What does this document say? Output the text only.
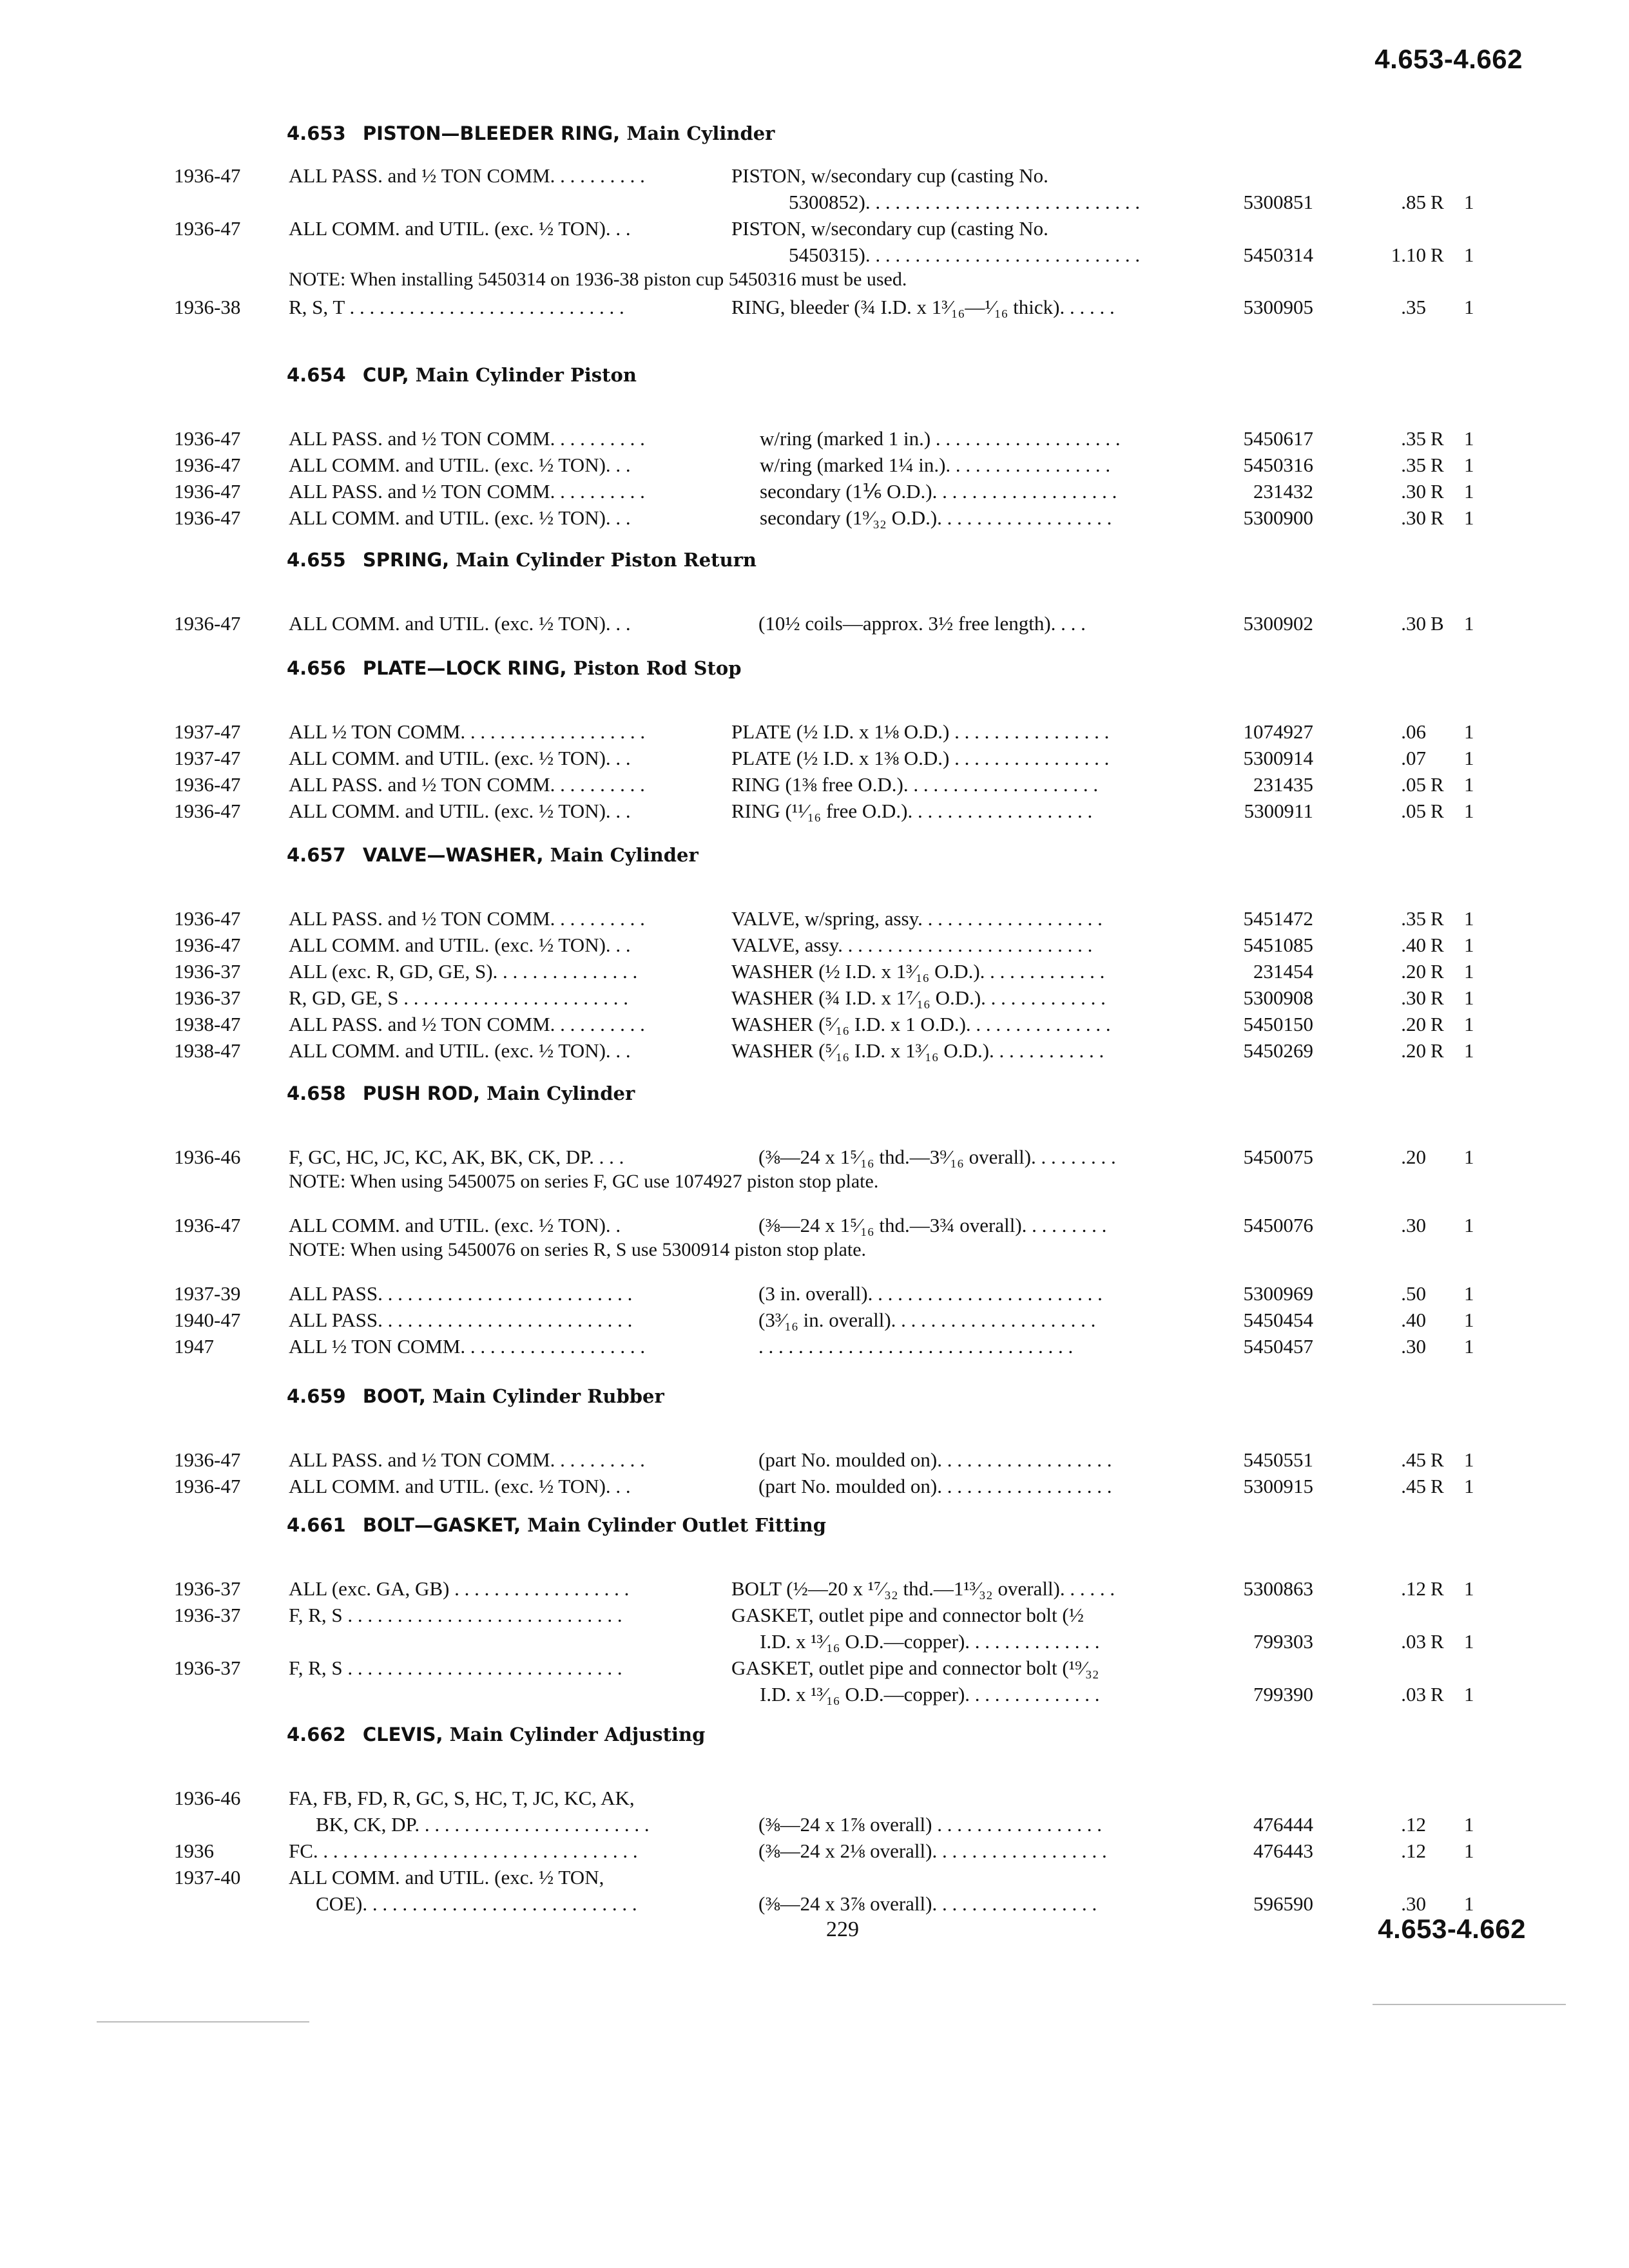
4.653-4.662
4.653 PISTON—BLEEDER RING, Main Cylinder
1936-47 ALL PASS. and ½ TON COMM. . . . . . . . . .	PISTON, w/secondary cup (casting No.
5300852). . . . . . . . . . . . . . . . . . . . . . . . . . . .	5300851	.85 R 1
1936-47 ALL COMM. and UTIL. (exc. ½ TON). . .	PISTON, w/secondary cup (casting No.
5450315). . . . . . . . . . . . . . . . . . . . . . . . . . . .	5450314	1.10 R 1
NOTE: When installing 5450314 on 1936-38 piston cup 5450316 must be used.
1936-38 R, S, T . . . . . . . . . . . . . . . . . . . . . . . . . . . .	RING, bleeder (¾ I.D. x 1³⁄₁₆—¹⁄₁₆ thick). . . . . .	5300905	.35 1
4.654 CUP, Main Cylinder Piston
1936-47 ALL PASS. and ½ TON COMM. . . . . . . . . .	w/ring (marked 1 in.) . . . . . . . . . . . . . . . . . . .	5450617	.35 R 1
1936-47 ALL COMM. and UTIL. (exc. ½ TON). . .	w/ring (marked 1¼ in.). . . . . . . . . . . . . . . . .	5450316	.35 R 1
1936-47 ALL PASS. and ½ TON COMM. . . . . . . . . .	secondary (1⅙ O.D.). . . . . . . . . . . . . . . . . . .	231432	.30 R 1
1936-47 ALL COMM. and UTIL. (exc. ½ TON). . .	secondary (1⁹⁄₃₂ O.D.). . . . . . . . . . . . . . . . . .	5300900	.30 R 1
4.655 SPRING, Main Cylinder Piston Return
1936-47 ALL COMM. and UTIL. (exc. ½ TON). . .	(10½ coils—approx. 3½ free length). . . .	5300902	.30 B 1
4.656 PLATE—LOCK RING, Piston Rod Stop
1937-47 ALL ½ TON COMM. . . . . . . . . . . . . . . . . . .	PLATE (½ I.D. x 1⅛ O.D.) . . . . . . . . . . . . . . . .	1074927	.06 1
1937-47 ALL COMM. and UTIL. (exc. ½ TON). . .	PLATE (½ I.D. x 1⅜ O.D.) . . . . . . . . . . . . . . . .	5300914	.07 1
1936-47 ALL PASS. and ½ TON COMM. . . . . . . . . .	RING (1⅜ free O.D.). . . . . . . . . . . . . . . . . . . .	231435	.05 R 1
1936-47 ALL COMM. and UTIL. (exc. ½ TON). . .	RING (¹¹⁄₁₆ free O.D.). . . . . . . . . . . . . . . . . . .	5300911	.05 R 1
4.657 VALVE—WASHER, Main Cylinder
1936-47 ALL PASS. and ½ TON COMM. . . . . . . . . .	VALVE, w/spring, assy. . . . . . . . . . . . . . . . . . .	5451472	.35 R 1
1936-47 ALL COMM. and UTIL. (exc. ½ TON). . .	VALVE, assy. . . . . . . . . . . . . . . . . . . . . . . . . .	5451085	.40 R 1
1936-37 ALL (exc. R, GD, GE, S). . . . . . . . . . . . . . .	WASHER (½ I.D. x 1³⁄₁₆ O.D.). . . . . . . . . . . . .	231454	.20 R 1
1936-37 R, GD, GE, S . . . . . . . . . . . . . . . . . . . . . . .	WASHER (¾ I.D. x 1⁷⁄₁₆ O.D.). . . . . . . . . . . . .	5300908	.30 R 1
1938-47 ALL PASS. and ½ TON COMM. . . . . . . . . .	WASHER (⁵⁄₁₆ I.D. x 1 O.D.). . . . . . . . . . . . . . .	5450150	.20 R 1
1938-47 ALL COMM. and UTIL. (exc. ½ TON). . .	WASHER (⁵⁄₁₆ I.D. x 1³⁄₁₆ O.D.). . . . . . . . . . . .	5450269	.20 R 1
4.658 PUSH ROD, Main Cylinder
1936-46 F, GC, HC, JC, KC, AK, BK, CK, DP. . . .	(⅜—24 x 1⁵⁄₁₆ thd.—3⁹⁄₁₆ overall). . . . . . . . .	5450075	.20 1
NOTE: When using 5450075 on series F, GC use 1074927 piston stop plate.
1936-47 ALL COMM. and UTIL. (exc. ½ TON). .	(⅜—24 x 1⁵⁄₁₆ thd.—3¾ overall). . . . . . . . .	5450076	.30 1
NOTE: When using 5450076 on series R, S use 5300914 piston stop plate.
1937-39 ALL PASS. . . . . . . . . . . . . . . . . . . . . . . . . .	(3 in. overall). . . . . . . . . . . . . . . . . . . . . . . .	5300969	.50 1
1940-47 ALL PASS. . . . . . . . . . . . . . . . . . . . . . . . . .	(3³⁄₁₆ in. overall). . . . . . . . . . . . . . . . . . . . .	5450454	.40 1
1947	ALL ½ TON COMM. . . . . . . . . . . . . . . . . . .	. . . . . . . . . . . . . . . . . . . . . . . . . . . . . . . .	5450457	.30 1
4.659 BOOT, Main Cylinder Rubber
1936-47 ALL PASS. and ½ TON COMM. . . . . . . . . .	(part No. moulded on). . . . . . . . . . . . . . . . . .	5450551	.45 R 1
1936-47 ALL COMM. and UTIL. (exc. ½ TON). . .	(part No. moulded on). . . . . . . . . . . . . . . . . .	5300915	.45 R 1
4.661 BOLT—GASKET, Main Cylinder Outlet Fitting
1936-37 ALL (exc. GA, GB) . . . . . . . . . . . . . . . . . .	BOLT (½—20 x ¹⁷⁄₃₂ thd.—1¹³⁄₃₂ overall). . . . . .	5300863	.12 R 1
1936-37 F, R, S . . . . . . . . . . . . . . . . . . . . . . . . . . . .	GASKET, outlet pipe and connector bolt (½
I.D. x ¹³⁄₁₆ O.D.—copper). . . . . . . . . . . . . .	799303	.03 R 1
1936-37 F, R, S . . . . . . . . . . . . . . . . . . . . . . . . . . . .	GASKET, outlet pipe and connector bolt (¹⁹⁄₃₂
I.D. x ¹³⁄₁₆ O.D.—copper). . . . . . . . . . . . . .	799390	.03 R 1
4.662 CLEVIS, Main Cylinder Adjusting
1936-46 FA, FB, FD, R, GC, S, HC, T, JC, KC, AK,
BK, CK, DP. . . . . . . . . . . . . . . . . . . . . . . .	(⅜—24 x 1⅞ overall) . . . . . . . . . . . . . . . . .	476444	.12 1
1936	FC. . . . . . . . . . . . . . . . . . . . . . . . . . . . . . . . .	(⅜—24 x 2⅛ overall). . . . . . . . . . . . . . . . . .	476443	.12 1
1937-40 ALL COMM. and UTIL. (exc. ½ TON,
COE). . . . . . . . . . . . . . . . . . . . . . . . . . . .	(⅜—24 x 3⅞ overall). . . . . . . . . . . . . . . . .	596590	.30 1
229	4.653-4.662
